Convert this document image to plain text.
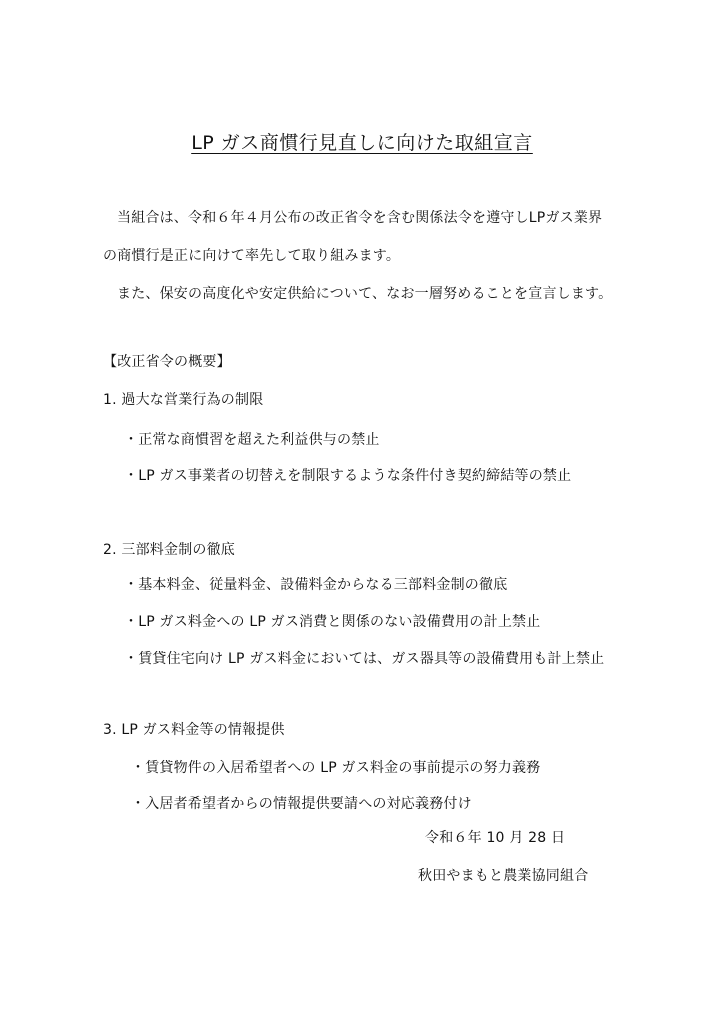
LP ガス商慣行見直しに向けた取組宣言
当組合は、令和６年４月公布の改正省令を含む関係法令を遵守しLPガス業界
の商慣行是正に向けて率先して取り組みます。
また、保安の高度化や安定供給について、なお一層努めることを宣言します。
【改正省令の概要】
1. 過大な営業行為の制限
・正常な商慣習を超えた利益供与の禁止
・LP ガス事業者の切替えを制限するような条件付き契約締結等の禁止
2. 三部料金制の徹底
・基本料金、従量料金、設備料金からなる三部料金制の徹底
・LP ガス料金への LP ガス消費と関係のない設備費用の計上禁止
・賃貸住宅向け LP ガス料金においては、ガス器具等の設備費用も計上禁止
3. LP ガス料金等の情報提供
・賃貸物件の入居希望者への LP ガス料金の事前提示の努力義務
・入居者希望者からの情報提供要請への対応義務付け
令和６年 10 月 28 日
秋田やまもと農業協同組合
